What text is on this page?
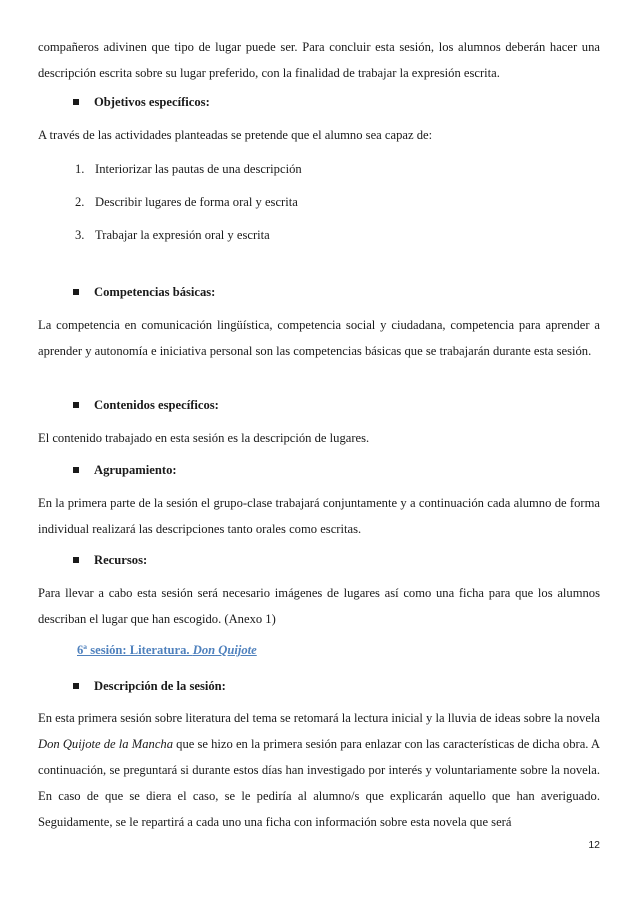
compañeros adivinen que tipo de lugar puede ser. Para concluir esta sesión, los alumnos deberán hacer una descripción escrita sobre su lugar preferido, con la finalidad de trabajar la expresión escrita.

Objetivos específicos:

A través de las actividades planteadas se pretende que el alumno sea capaz de:

1. Interiorizar las pautas de una descripción

2. Describir lugares de forma oral y escrita

3. Trabajar la expresión oral y escrita

Competencias básicas:

La competencia en comunicación lingüística, competencia social y ciudadana, competencia para aprender a aprender y autonomía e iniciativa personal son las competencias básicas que se trabajarán durante esta sesión.

Contenidos específicos:

El contenido trabajado en esta sesión es la descripción de lugares.

Agrupamiento:

En la primera parte de la sesión el grupo-clase trabajará conjuntamente y a continuación cada alumno de forma individual realizará las descripciones tanto orales como escritas.

Recursos:

Para llevar a cabo esta sesión será necesario imágenes de lugares así como una ficha para que los alumnos describan el lugar que han escogido. (Anexo 1)

6ª sesión: Literatura. Don Quijote
Descripción de la sesión:

En esta primera sesión sobre literatura del tema se retomará la lectura inicial y la lluvia de ideas sobre la novela Don Quijote de la Mancha que se hizo en la primera sesión para enlazar con las características de dicha obra. A continuación, se preguntará si durante estos días han investigado por interés y voluntariamente sobre la novela. En caso de que se diera el caso, se le pediría al alumno/s que explicarán aquello que han averiguado. Seguidamente, se le repartirá a cada uno una ficha con información sobre esta novela que será

12
